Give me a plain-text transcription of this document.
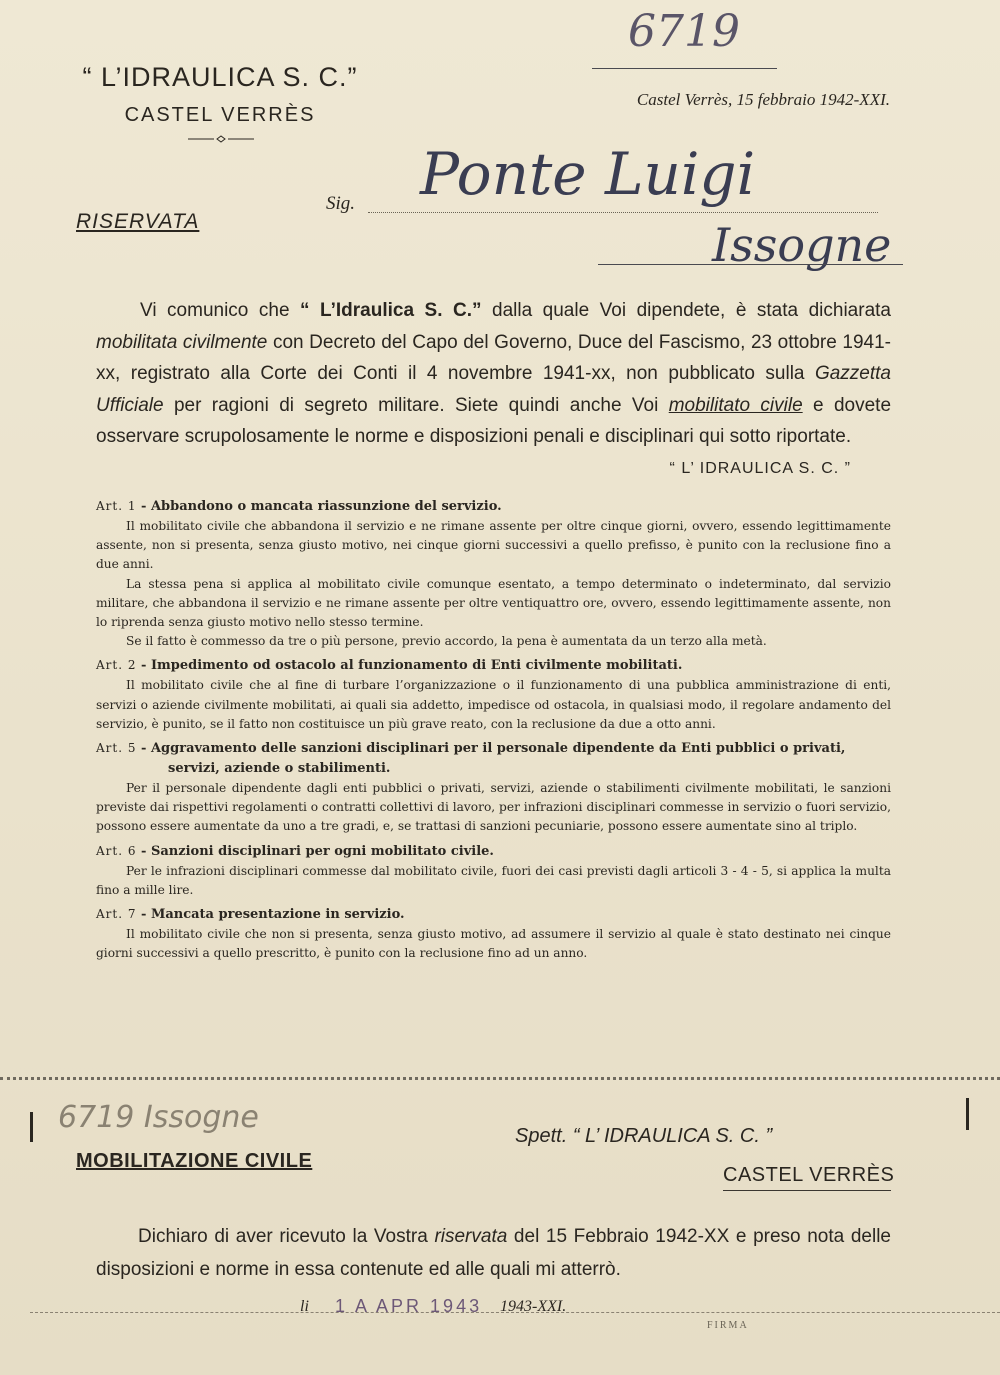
“ L’IDRAULICA S. C.”
CASTEL VERRÈS
6719
Castel Verrès, 15 febbraio 1942-XXI.
RISERVATA
Sig. Ponte Luigi
Issogne
Vi comunico che “ L’Idraulica S. C.” dalla quale Voi dipendete, è stata dichiarata mobilitata civilmente con Decreto del Capo del Governo, Duce del Fascismo, 23 ottobre 1941-xx, registrato alla Corte dei Conti il 4 novembre 1941-xx, non pubblicato sulla Gazzetta Ufficiale per ragioni di segreto militare. Siete quindi anche Voi mobilitato civile e dovete osservare scrupolosamente le norme e disposizioni penali e disciplinari qui sotto riportate.
“ L’ IDRAULICA S. C. ”
Art. 1 - Abbandono o mancata riassunzione del servizio.

Il mobilitato civile che abbandona il servizio e ne rimane assente per oltre cinque giorni, ovvero, essendo legittimamente assente, non si presenta, senza giusto motivo, nei cinque giorni successivi a quello prefisso, è punito con la reclusione fino a due anni.

La stessa pena si applica al mobilitato civile comunque esentato, a tempo determinato o indeterminato, dal servizio militare, che abbandona il servizio e ne rimane assente per oltre ventiquattro ore, ovvero, essendo legittimamente assente, non lo riprenda senza giusto motivo nello stesso termine.

Se il fatto è commesso da tre o più persone, previo accordo, la pena è aumentata da un terzo alla metà.

Art. 2 - Impedimento od ostacolo al funzionamento di Enti civilmente mobilitati.

Il mobilitato civile che al fine di turbare l’organizzazione o il funzionamento di una pubblica amministrazione di enti, servizi o aziende civilmente mobilitati, ai quali sia addetto, impedisce od ostacola, in qualsiasi modo, il regolare andamento del servizio, è punito, se il fatto non costituisce un più grave reato, con la reclusione da due a otto anni.

Art. 5 - Aggravamento delle sanzioni disciplinari per il personale dipendente da Enti pubblici o privati,
servizi, aziende o stabilimenti.

Per il personale dipendente dagli enti pubblici o privati, servizi, aziende o stabilimenti civilmente mobilitati, le sanzioni previste dai rispettivi regolamenti o contratti collettivi di lavoro, per infrazioni disciplinari commesse in servizio o fuori servizio, possono essere aumentate da uno a tre gradi, e, se trattasi di sanzioni pecuniarie, possono essere aumentate sino al triplo.

Art. 6 - Sanzioni disciplinari per ogni mobilitato civile.

Per le infrazioni disciplinari commesse dal mobilitato civile, fuori dei casi previsti dagli articoli 3 - 4 - 5, si applica la multa fino a mille lire.

Art. 7 - Mancata presentazione in servizio.

Il mobilitato civile che non si presenta, senza giusto motivo, ad assumere il servizio al quale è stato destinato nei cinque giorni successivi a quello prescritto, è punito con la reclusione fino ad un anno.

6719 Issogne
MOBILITAZIONE CIVILE
Spett. “ L’ IDRAULICA S. C. ”
CASTEL VERRÈS
Dichiaro di aver ricevuto la Vostra riservata del 15 Febbraio 1942-XX e preso nota delle disposizioni e norme in essa contenute ed alle quali mi atterrò.
li 1 A APR 1943 1943-XXI.
FIRMA
